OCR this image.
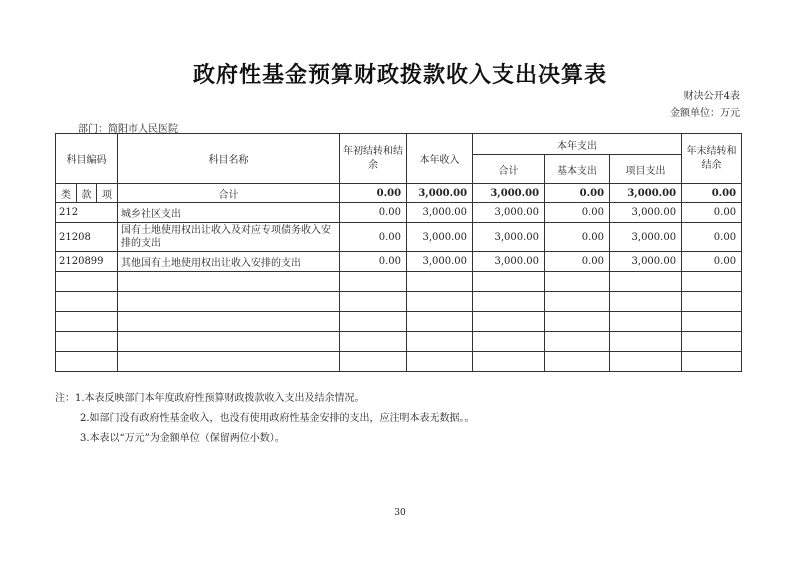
政府性基金预算财政拨款收入支出决算表
财决公开4表
金额单位：万元
部门：简阳市人民医院
科目编码			科目名称	年初结转和结余	本年收入	本年支出			年末结转和结余
						合计	基本支出	项目支出	
类	款	项	合计	0.00	3,000.00	3,000.00	0.00	3,000.00	0.00
212			城乡社区支出	0.00	3,000.00	3,000.00	0.00	3,000.00	0.00
21208			国有土地使用权出让收入及对应专项债务收入安排的支出	0.00	3,000.00	3,000.00	0.00	3,000.00	0.00
2120899			其他国有土地使用权出让收入安排的支出	0.00	3,000.00	3,000.00	0.00	3,000.00	0.00

注：1.本表反映部门本年度政府性预算财政拨款收入支出及结余情况。
2.如部门没有政府性基金收入，也没有使用政府性基金安排的支出，应注明本表无数据。。
3.本表以“万元”为金额单位（保留两位小数）。
30
